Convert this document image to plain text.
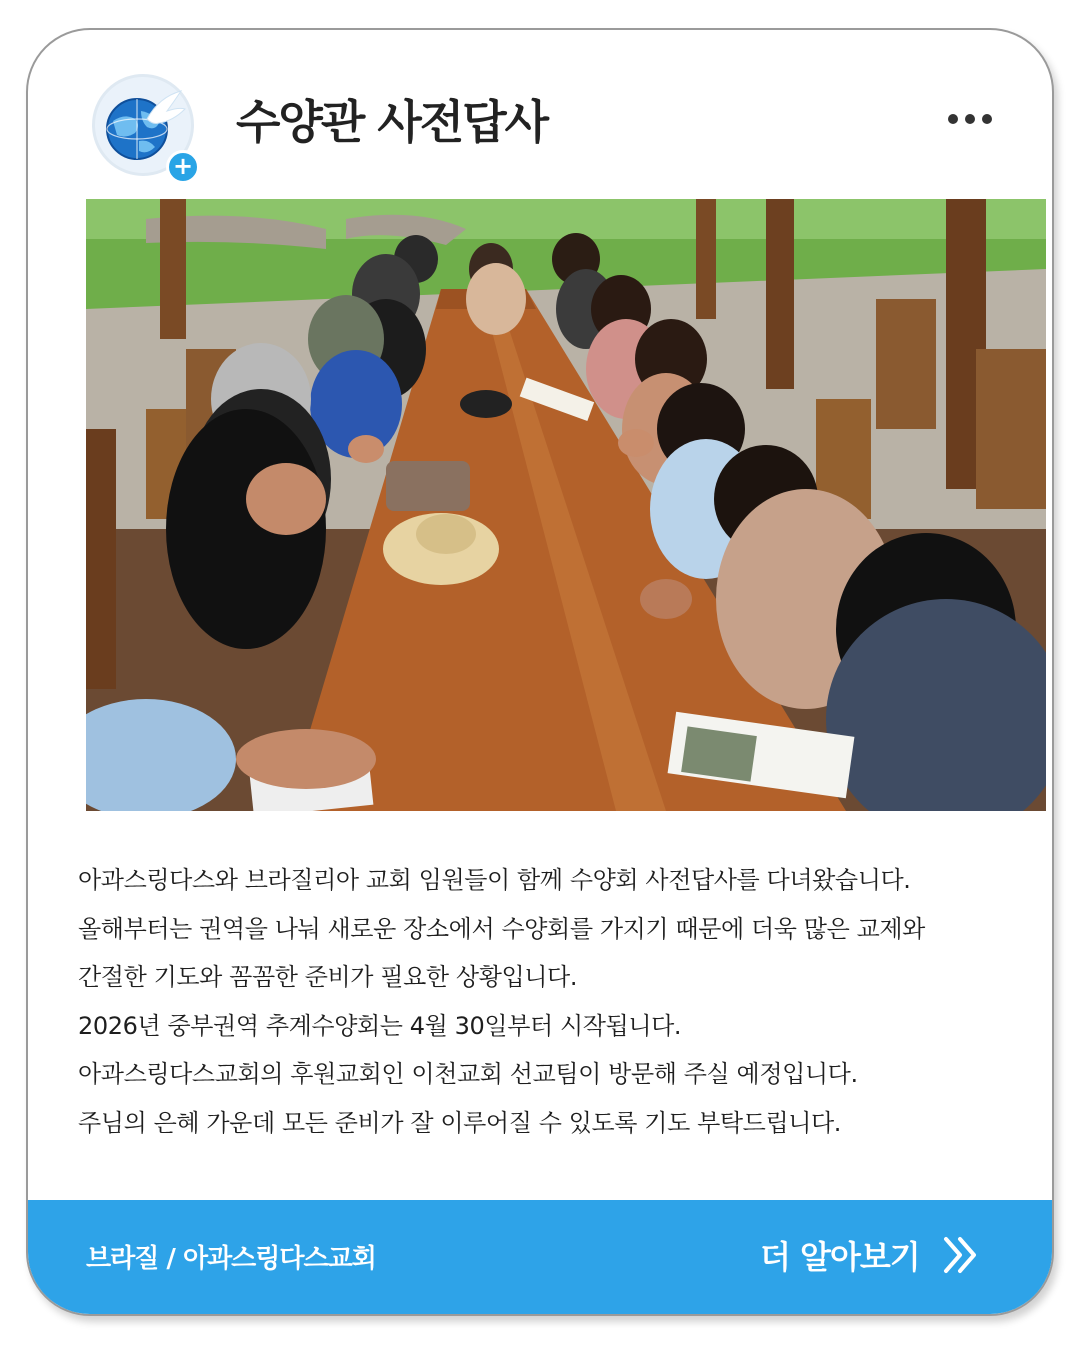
+
수양관 사전답사

아과스링다스와 브라질리아 교회 임원들이 함께 수양회 사전답사를 다녀왔습니다.

올해부터는 권역을 나눠 새로운 장소에서 수양회를 가지기 때문에 더욱 많은 교제와

간절한 기도와 꼼꼼한 준비가 필요한 상황입니다.

2026년 중부권역 추계수양회는 4월 30일부터 시작됩니다.

아과스링다스교회의 후원교회인 이천교회 선교팀이 방문해 주실 예정입니다.

주님의 은혜 가운데 모든 준비가 잘 이루어질 수 있도록 기도 부탁드립니다.

브라질 / 아과스링다스교회	더 알아보기
